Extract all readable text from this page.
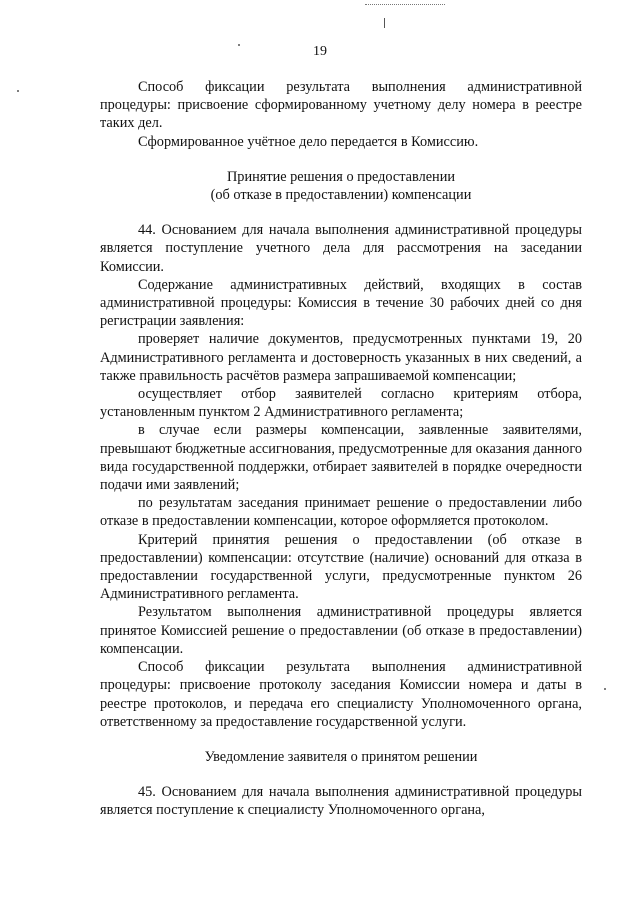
19

Способ фиксации результата выполнения административной процедуры: присвоение сформированному учетному делу номера в реестре таких дел.

Сформированное учётное дело передается в Комиссию.

Принятие решения о предоставлении
(об отказе в предоставлении) компенсации

44. Основанием для начала выполнения административной процедуры является поступление учетного дела для рассмотрения на заседании Комиссии.

Содержание административных действий, входящих в состав административной процедуры: Комиссия в течение 30 рабочих дней со дня регистрации заявления:

проверяет наличие документов, предусмотренных пунктами 19, 20 Административного регламента и достоверность указанных в них сведений, а также правильность расчётов размера запрашиваемой компенсации;

осуществляет отбор заявителей согласно критериям отбора, установленным пунктом 2 Административного регламента;

в случае если размеры компенсации, заявленные заявителями, превышают бюджетные ассигнования, предусмотренные для оказания данного вида государственной поддержки, отбирает заявителей в порядке очередности подачи ими заявлений;

по результатам заседания принимает решение о предоставлении либо отказе в предоставлении компенсации, которое оформляется протоколом.

Критерий принятия решения о предоставлении (об отказе в предоставлении) компенсации: отсутствие (наличие) оснований для отказа в предоставлении государственной услуги, предусмотренные пунктом 26 Административного регламента.

Результатом выполнения административной процедуры является принятое Комиссией решение о предоставлении (об отказе в предоставлении) компенсации.

Способ фиксации результата выполнения административной процедуры: присвоение протоколу заседания Комиссии номера и даты в реестре протоколов, и передача его специалисту Уполномоченного органа, ответственному за предоставление государственной услуги.

Уведомление заявителя о принятом решении

45. Основанием для начала выполнения административной процедуры является поступление к специалисту Уполномоченного органа,
